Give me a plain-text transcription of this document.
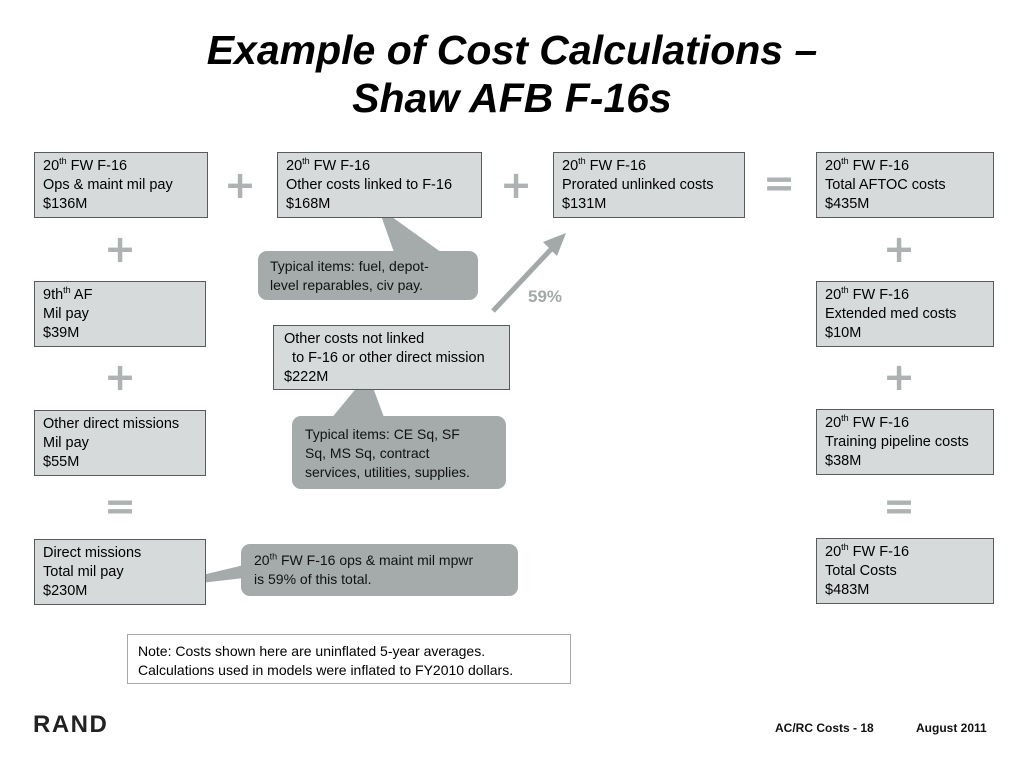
Example of Cost Calculations –
Shaw AFB F-16s
20th FW F-16
Ops & maint mil pay
$136M
20th FW F-16
Other costs linked to F-16
$168M
20th FW F-16
Prorated unlinked costs
$131M
20th FW F-16
Total AFTOC costs
$435M
$9th^{th}$ AF
Mil pay
$39M
20th FW F-16
Extended med costs
$10M
Other costs not linked
to F-16 or other direct mission
$222M
Other direct missions
Mil pay
$55M
20th FW F-16
Training pipeline costs
$38M
Direct missions
Total mil pay
$230M
20th FW F-16
Total Costs
$483M
Typical items: fuel, depot-
level reparables, civ pay.
Typical items: CE Sq, SF
Sq, MS Sq, contract
services, utilities, supplies.
20th FW F-16 ops & maint mil mpwr
is 59% of this total.
59%
+	+	=
+	+
+	+
=	=
Note: Costs shown here are uninflated 5-year averages.
Calculations used in models were inflated to FY2010 dollars.
RAND	AC/RC Costs - 18	August 2011
